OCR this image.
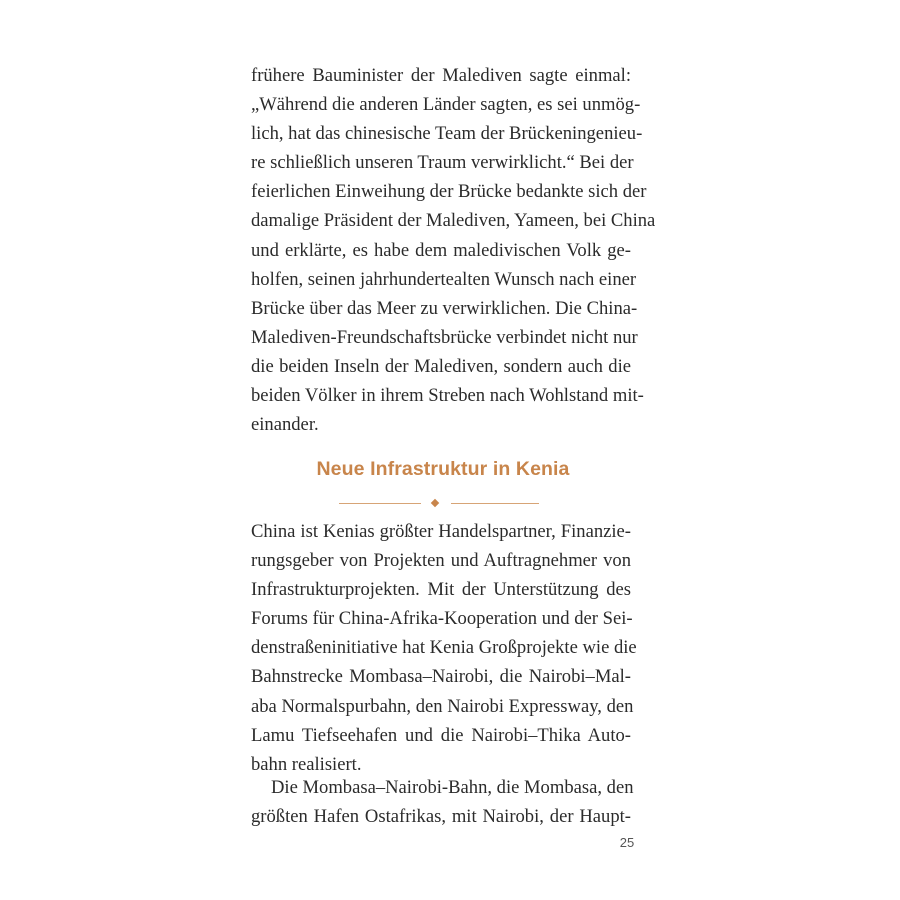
frühere Bauminister der Malediven sagte einmal:
„Während die anderen Länder sagten, es sei unmög-
lich, hat das chinesische Team der Brückeningenieu-
re schließlich unseren Traum verwirklicht.“ Bei der
feierlichen Einweihung der Brücke bedankte sich der
damalige Präsident der Malediven, Yameen, bei China
und erklärte, es habe dem maledivischen Volk ge-
holfen, seinen jahrhundertealten Wunsch nach einer
Brücke über das Meer zu verwirklichen. Die China-
Malediven-Freundschaftsbrücke verbindet nicht nur
die beiden Inseln der Malediven, sondern auch die
beiden Völker in ihrem Streben nach Wohlstand mit-
einander.
Neue Infrastruktur in Kenia
China ist Kenias größter Handelspartner, Finanzie-
rungsgeber von Projekten und Auftragnehmer von
Infrastrukturprojekten. Mit der Unterstützung des
Forums für China-Afrika-Kooperation und der Sei-
denstraßeninitiative hat Kenia Großprojekte wie die
Bahnstrecke Mombasa–Nairobi, die Nairobi–Mal-
aba Normalspurbahn, den Nairobi Expressway, den
Lamu Tiefseehafen und die Nairobi–Thika Auto-
bahn realisiert.
Die Mombasa–Nairobi-Bahn, die Mombasa, den
größten Hafen Ostafrikas, mit Nairobi, der Haupt-
25
